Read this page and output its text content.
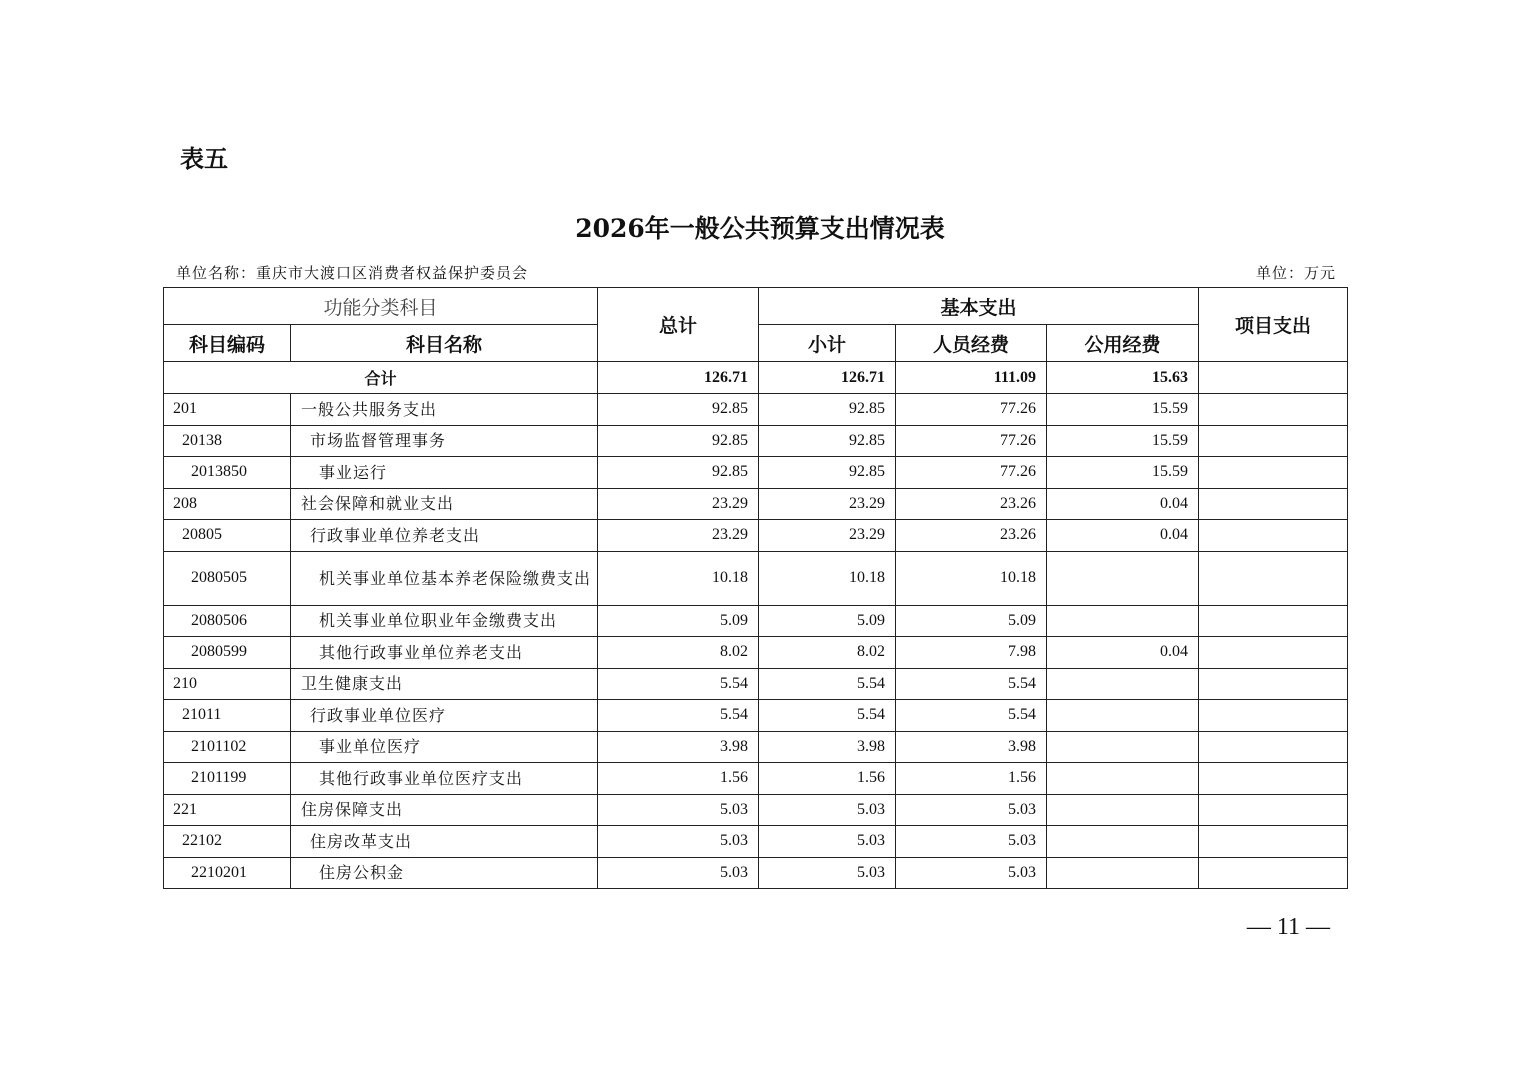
表五
2026年一般公共预算支出情况表
单位名称：重庆市大渡口区消费者权益保护委员会	单位：万元
功能分类科目		总计	基本支出			项目支出
科目编码	科目名称		小计	人员经费	公用经费	
合计		126.71	126.71	111.09	15.63	
201	一般公共服务支出	92.85	92.85	77.26	15.59	
20138	市场监督管理事务	92.85	92.85	77.26	15.59	
2013850	事业运行	92.85	92.85	77.26	15.59	
208	社会保障和就业支出	23.29	23.29	23.26	0.04	
20805	行政事业单位养老支出	23.29	23.29	23.26	0.04	
2080505	机关事业单位基本养老保险缴费支出	10.18	10.18	10.18		
2080506	机关事业单位职业年金缴费支出	5.09	5.09	5.09		
2080599	其他行政事业单位养老支出	8.02	8.02	7.98	0.04	
210	卫生健康支出	5.54	5.54	5.54		
21011	行政事业单位医疗	5.54	5.54	5.54		
2101102	事业单位医疗	3.98	3.98	3.98		
2101199	其他行政事业单位医疗支出	1.56	1.56	1.56		
221	住房保障支出	5.03	5.03	5.03		
22102	住房改革支出	5.03	5.03	5.03		
2210201	住房公积金	5.03	5.03	5.03		
— 11 —
